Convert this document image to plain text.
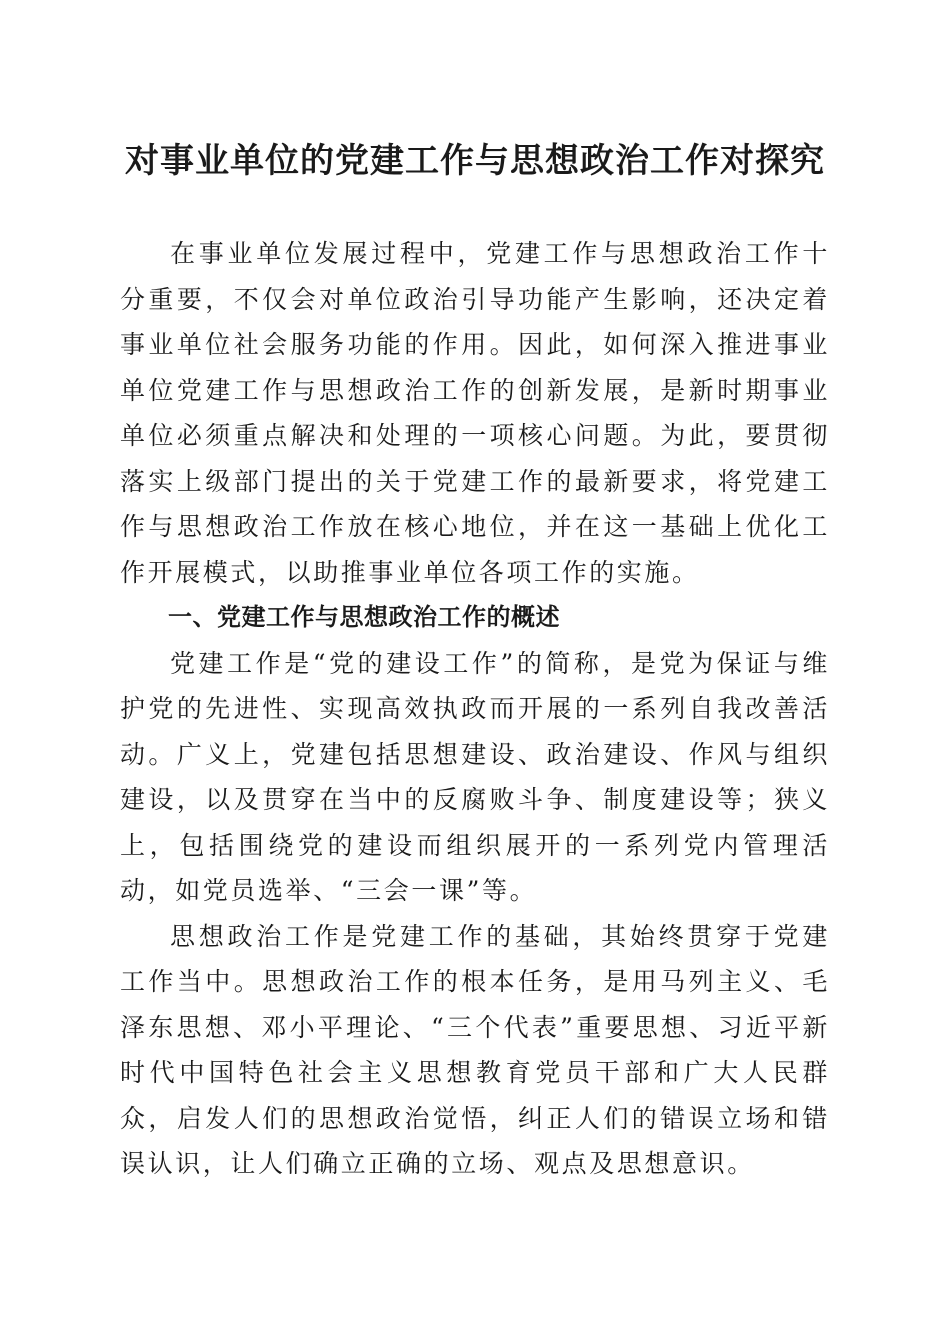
对事业单位的党建工作与思想政治工作对探究

在事业单位发展过程中，党建工作与思想政治工作十分重要，不仅会对单位政治引导功能产生影响，还决定着事业单位社会服务功能的作用。因此，如何深入推进事业单位党建工作与思想政治工作的创新发展，是新时期事业单位必须重点解决和处理的一项核心问题。为此，要贯彻落实上级部门提出的关于党建工作的最新要求，将党建工作与思想政治工作放在核心地位，并在这一基础上优化工作开展模式，以助推事业单位各项工作的实施。

一、党建工作与思想政治工作的概述

党建工作是“党的建设工作”的简称，是党为保证与维护党的先进性、实现高效执政而开展的一系列自我改善活动。广义上，党建包括思想建设、政治建设、作风与组织建设，以及贯穿在当中的反腐败斗争、制度建设等；狭义上，包括围绕党的建设而组织展开的一系列党内管理活动，如党员选举、“三会一课”等。

思想政治工作是党建工作的基础，其始终贯穿于党建工作当中。思想政治工作的根本任务，是用马列主义、毛泽东思想、邓小平理论、“三个代表”重要思想、习近平新时代中国特色社会主义思想教育党员干部和广大人民群众，启发人们的思想政治觉悟，纠正人们的错误立场和错误认识，让人们确立正确的立场、观点及思想意识。
